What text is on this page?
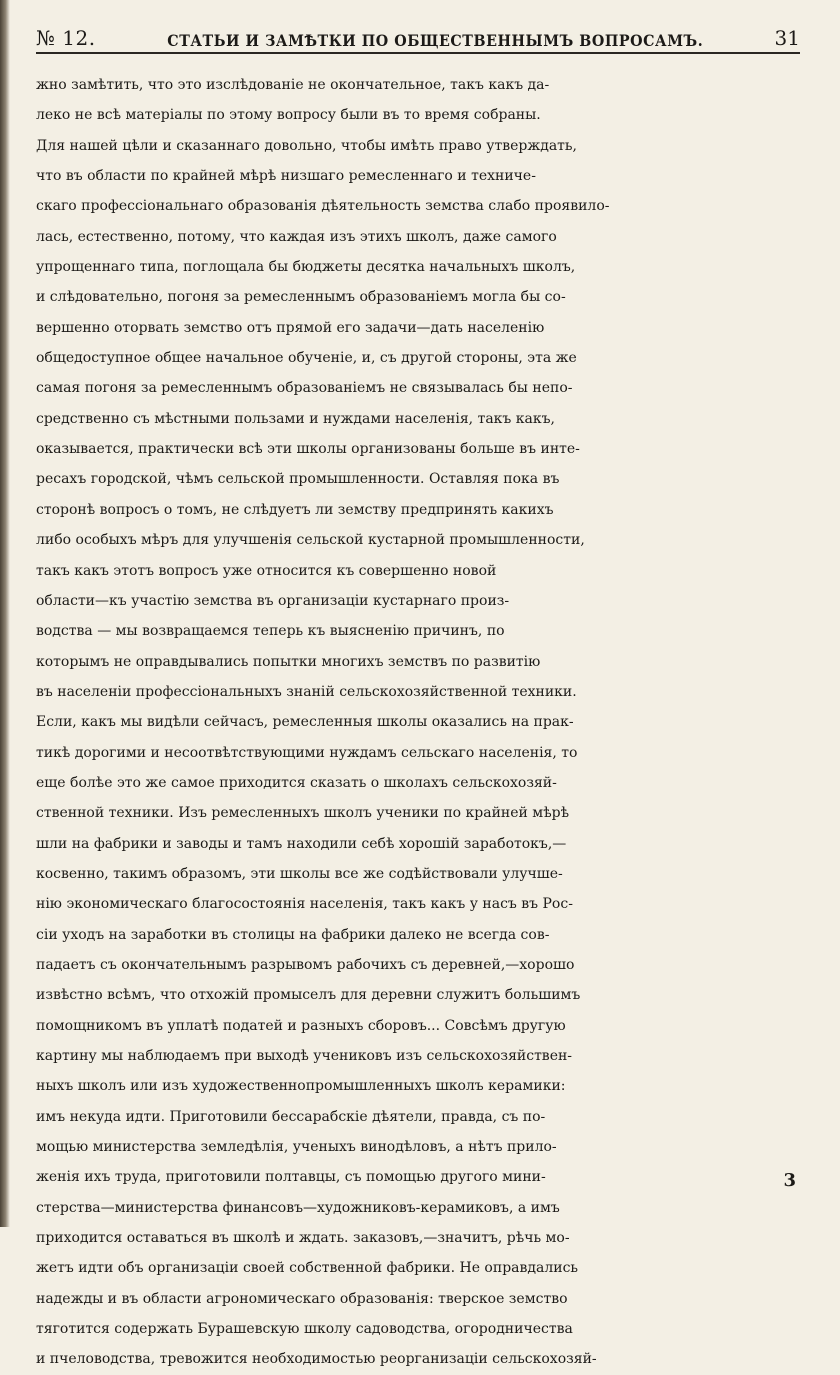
№ 12.	СТАТЬИ И ЗАМѢТКИ ПО ОБЩЕСТВЕННЫМЪ ВОПРОСАМЪ.	31
жно замѣтить, что это изслѣдованіе не окончательное, такъ какъ да-
леко не всѣ матеріалы по этому вопросу были въ то время собраны.
Для нашей цѣли и сказаннаго довольно, чтобы имѣть право утверждать,
что въ области по крайней мѣрѣ низшаго ремесленнаго и техниче-
скаго профессіональнаго образованія дѣятельность земства слабо проявило-
лась, естественно, потому, что каждая изъ этихъ школъ, даже самого
упрощеннаго типа, поглощала бы бюджеты десятка начальныхъ школъ,
и слѣдовательно, погоня за ремесленнымъ образованіемъ могла бы со-
вершенно оторвать земство отъ прямой его задачи—дать населенію
общедоступное общее начальное обученіе, и, съ другой стороны, эта же
самая погоня за ремесленнымъ образованіемъ не связывалась бы непо-
средственно съ мѣстными пользами и нуждами населенія, такъ какъ,
оказывается, практически всѣ эти школы организованы больше въ инте-
ресахъ городской, чѣмъ сельской промышленности. Оставляя пока въ
сторонѣ вопросъ о томъ, не слѣдуетъ ли земству предпринять какихъ
либо особыхъ мѣръ для улучшенія сельской кустарной промышленности,
такъ какъ этотъ вопросъ уже относится къ совершенно новой
области—къ участію земства въ организаціи кустарнаго произ-
водства — мы возвращаемся теперь къ выясненію причинъ, по
которымъ не оправдывались попытки многихъ земствъ по развитію
въ населеніи профессіональныхъ знаній сельскохозяйственной техники.
Если, какъ мы видѣли сейчасъ, ремесленныя школы оказались на прак-
тикѣ дорогими и несоотвѣтствующими нуждамъ сельскаго населенія, то
еще болѣе это же самое приходится сказать о школахъ сельскохозяй-
ственной техники. Изъ ремесленныхъ школъ ученики по крайней мѣрѣ
шли на фабрики и заводы и тамъ находили себѣ хорошій заработокъ,—
косвенно, такимъ образомъ, эти школы все же содѣйствовали улучше-
нію экономическаго благосостоянія населенія, такъ какъ у насъ въ Рос-
сіи уходъ на заработки въ столицы на фабрики далеко не всегда сов-
падаетъ съ окончательнымъ разрывомъ рабочихъ съ деревней,—хорошо
извѣстно всѣмъ, что отхожій промыселъ для деревни служитъ большимъ
помощникомъ въ уплатѣ податей и разныхъ сборовъ... Совсѣмъ другую
картину мы наблюдаемъ при выходѣ учениковъ изъ сельскохозяйствен-
ныхъ школъ или изъ художественнопромышленныхъ школъ керамики:
имъ некуда идти. Приготовили бессарабскіе дѣятели, правда, съ по-
мощью министерства земледѣлія, ученыхъ винодѣловъ, а нѣтъ прило-
женія ихъ труда, приготовили полтавцы, съ помощью другого мини-
стерства—министерства финансовъ—художниковъ-керамиковъ, а имъ
приходится оставаться въ школѣ и ждать. заказовъ,—значитъ, рѣчь мо-
жетъ идти объ организаціи своей собственной фабрики. Не оправдались
надежды и въ области агрономическаго образованія: тверское земство
тяготится содержать Бурашевскую школу садоводства, огородничества
и пчеловодства, тревожится необходимостью реорганизаціи сельскохозяй-
3
